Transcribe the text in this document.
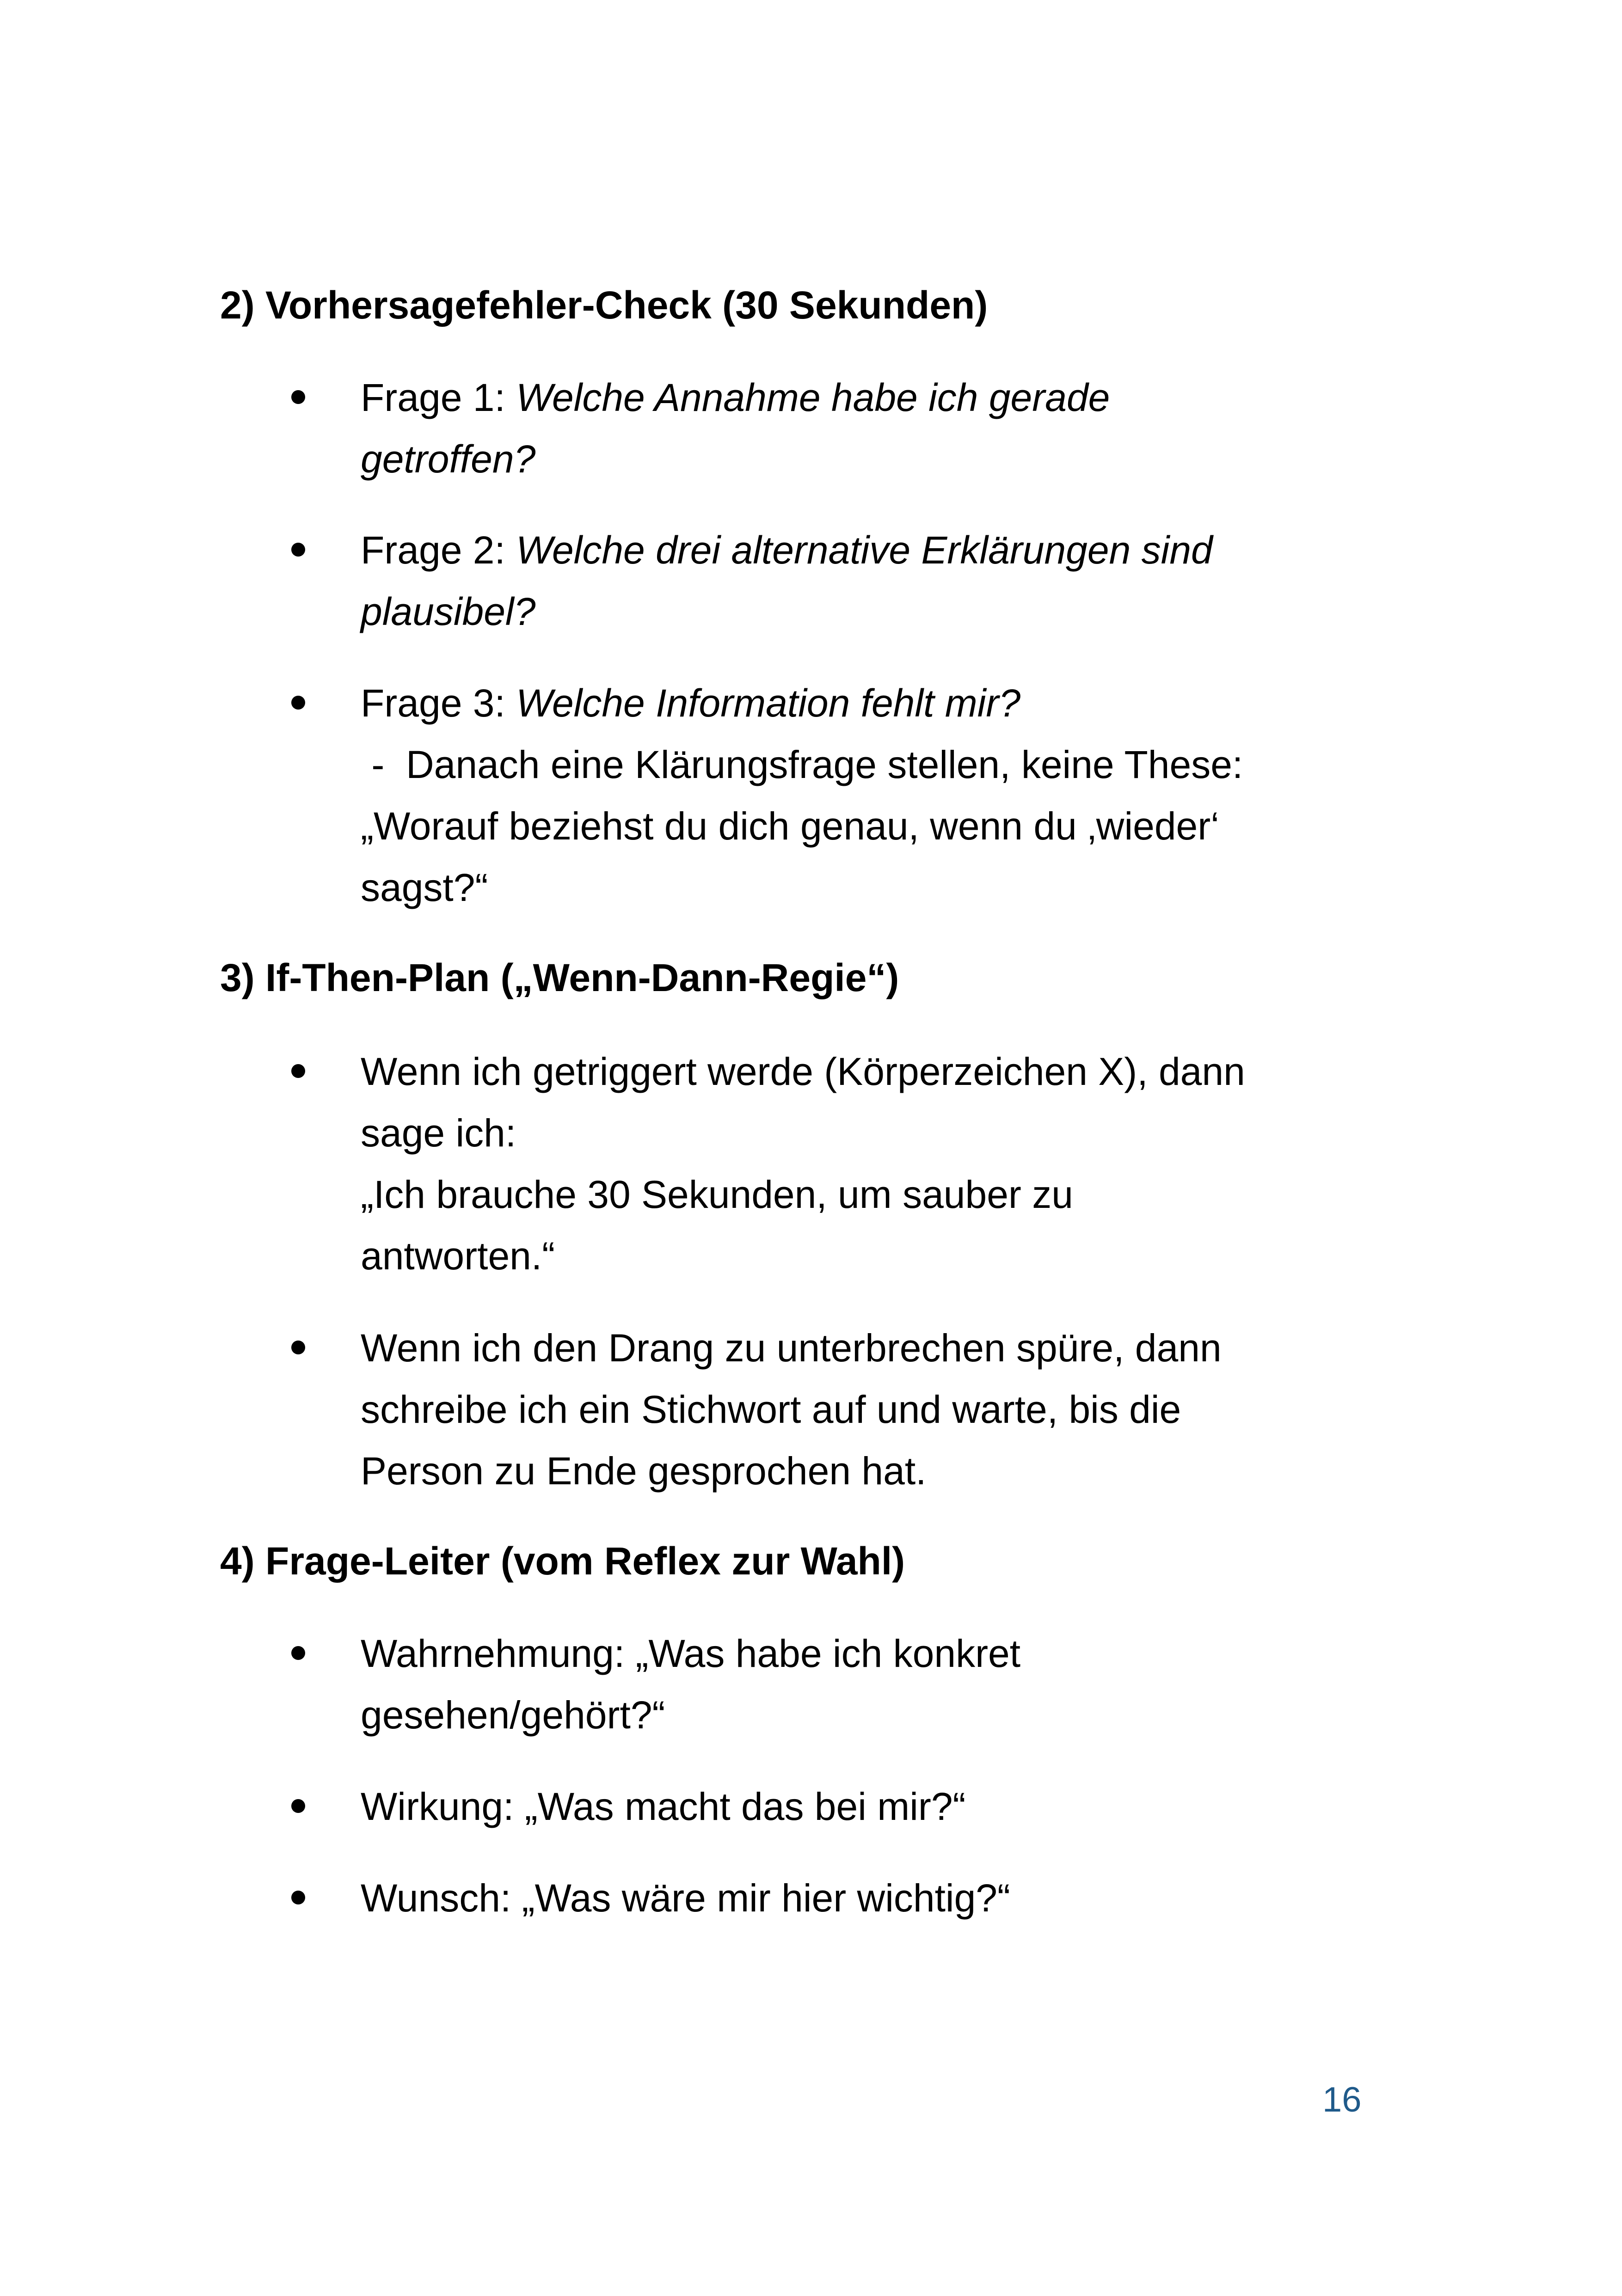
2) Vorhersagefehler-Check (30 Sekunden)
Frage 1: Welche Annahme habe ich gerade
getroffen?
Frage 2: Welche drei alternative Erklärungen sind
plausibel?
Frage 3: Welche Information fehlt mir?
-  Danach eine Klärungsfrage stellen, keine These:
„Worauf beziehst du dich genau, wenn du ‚wieder‘
sagst?“
3) If-Then-Plan („Wenn-Dann-Regie“)
Wenn ich getriggert werde (Körperzeichen X), dann
sage ich:
„Ich brauche 30 Sekunden, um sauber zu
antworten.“
Wenn ich den Drang zu unterbrechen spüre, dann
schreibe ich ein Stichwort auf und warte, bis die
Person zu Ende gesprochen hat.
4) Frage-Leiter (vom Reflex zur Wahl)
Wahrnehmung: „Was habe ich konkret
gesehen/gehört?“
Wirkung: „Was macht das bei mir?“
Wunsch: „Was wäre mir hier wichtig?“
16
